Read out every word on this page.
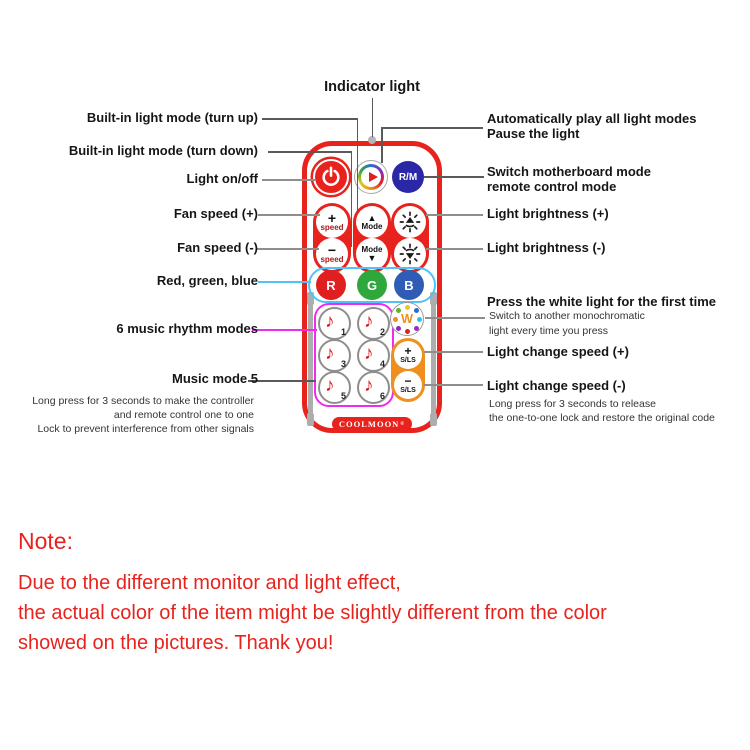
Indicator light
R/M
+
speed
−
speed
▲
Mode
Mode
▼
R	G	B
♪ 1 ♪ 2
♪ 3 ♪ 4
♪ 5 ♪ 6
W
+
S/LS
−
S/LS
COOLMOON ®
Built-in light mode (turn up)
Built-in light mode (turn down)
Light on/off
Fan speed (+)
Fan speed (-)
Red, green, blue
6 music rhythm modes
Music mode 5
Long press for 3 seconds to make the controller
and remote control one to one
Lock to prevent interference from other signals
Automatically play all light modes
Pause the light
Switch motherboard mode
remote control mode
Light brightness (+)
Light brightness (-)
Press the white light for the first time
Switch to another monochromatic
light every time you press
Light change speed (+)
Light change speed (-)
Long press for 3 seconds to release
the one-to-one lock and restore the original code
Note:
Due to the different monitor and light effect,
the actual color of the item might be slightly different from the color
showed on the pictures. Thank you!
